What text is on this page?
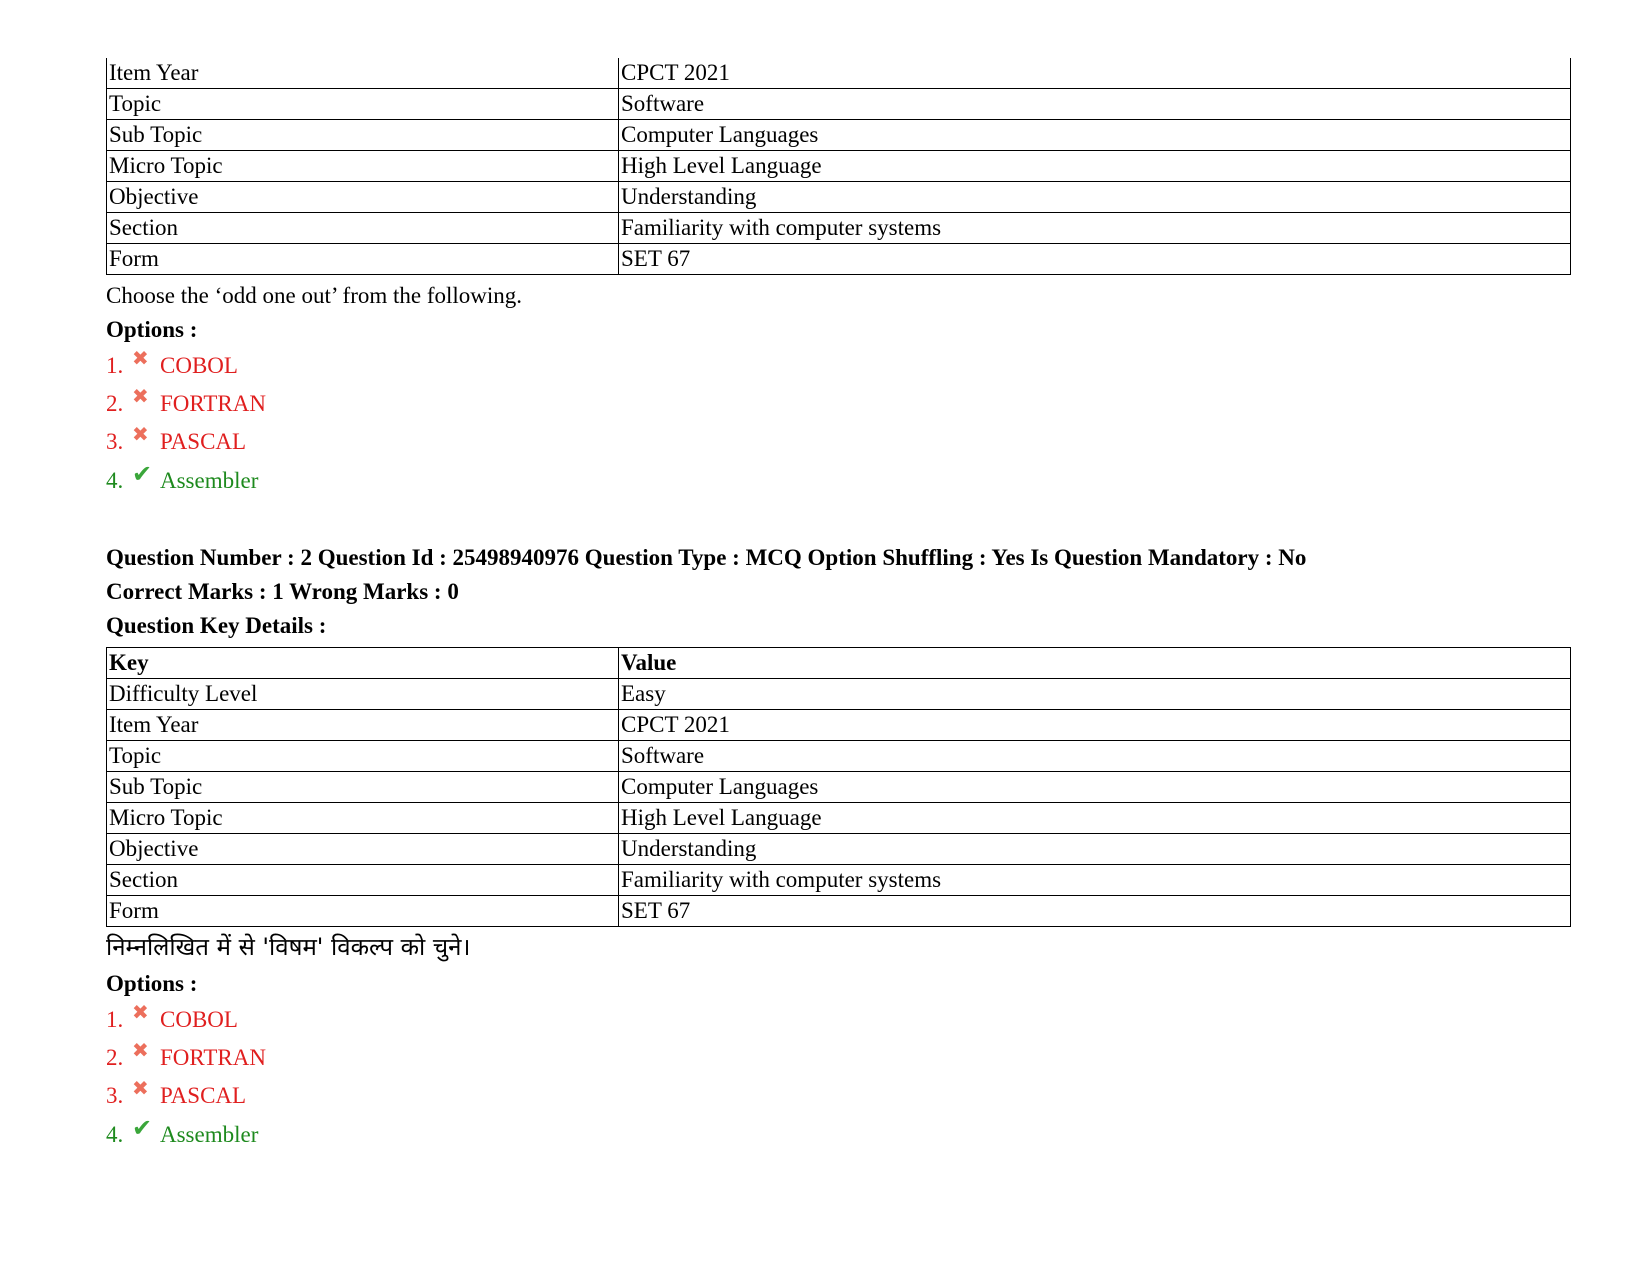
Item Year	CPCT 2021
Topic	Software
Sub Topic	Computer Languages
Micro Topic	High Level Language
Objective	Understanding
Section	Familiarity with computer systems
Form	SET 67
Choose the ‘odd one out’ from the following.
Options :
1. ✖ COBOL
2. ✖ FORTRAN
3. ✖ PASCAL
4. ✔ Assembler
Question Number : 2 Question Id : 25498940976 Question Type : MCQ Option Shuffling : Yes Is Question Mandatory : No
Correct Marks : 1 Wrong Marks : 0
Question Key Details :
Key	Value
Difficulty Level	Easy
Item Year	CPCT 2021
Topic	Software
Sub Topic	Computer Languages
Micro Topic	High Level Language
Objective	Understanding
Section	Familiarity with computer systems
Form	SET 67
निम्नलिखित में से 'विषम' विकल्प को चुने।
Options :
1. ✖ COBOL
2. ✖ FORTRAN
3. ✖ PASCAL
4. ✔ Assembler
